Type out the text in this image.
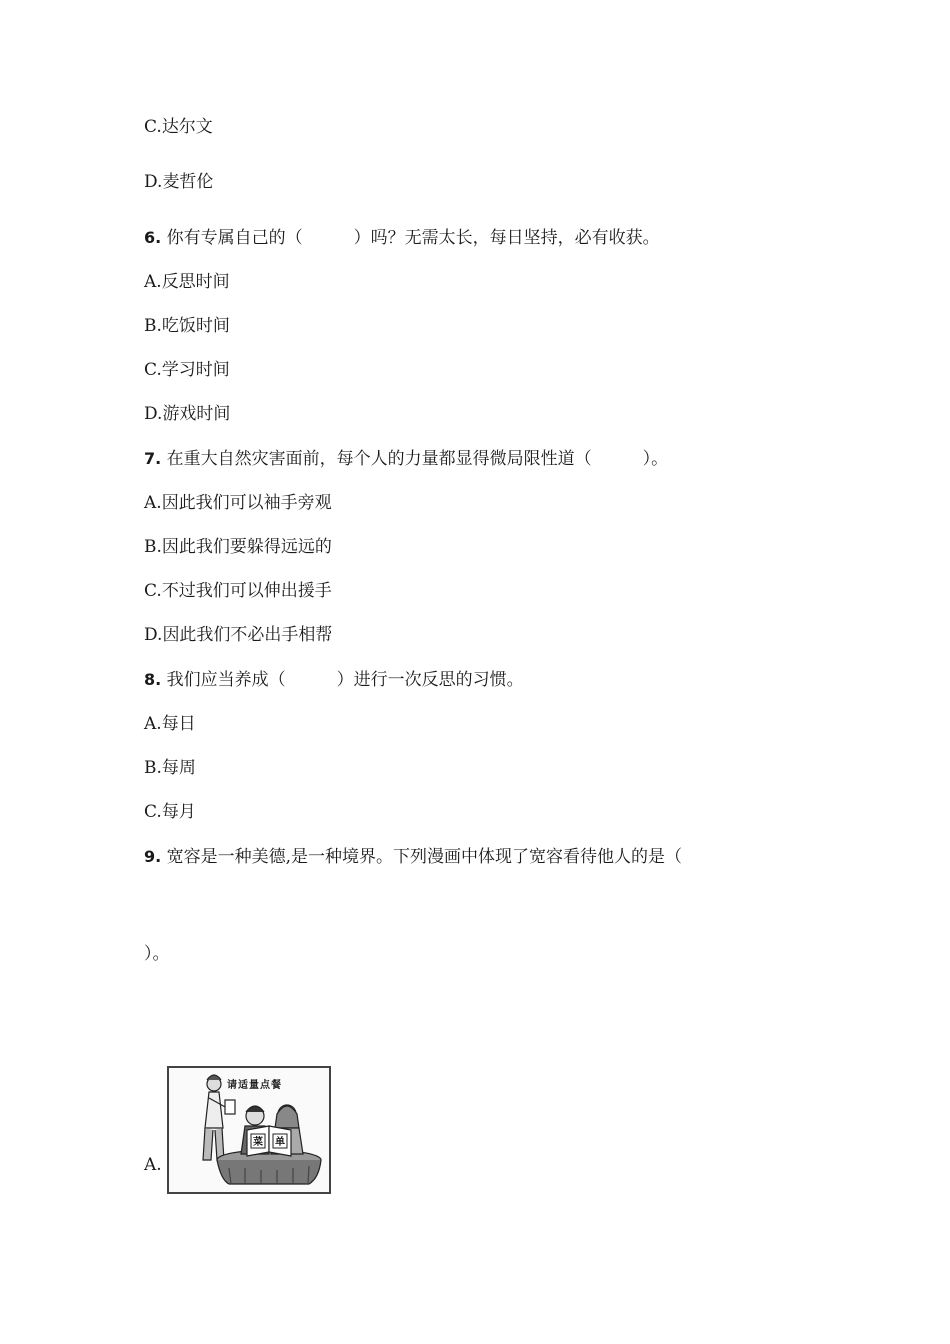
C.达尔文
D.麦哲伦
6. 你有专属自己的（　　　）吗？无需太长，每日坚持，必有收获。
A.反思时间
B.吃饭时间
C.学习时间
D.游戏时间
7. 在重大自然灾害面前，每个人的力量都显得微局限性道（　　　）。
A.因此我们可以袖手旁观
B.因此我们要躲得远远的
C.不过我们可以伸出援手
D.因此我们不必出手相帮
8. 我们应当养成（　　　）进行一次反思的习惯。
A.每日
B.每周
C.每月
9. 宽容是一种美德,是一种境界。下列漫画中体现了宽容看待他人的是（
）。
A.
请适量点餐
菜 单
